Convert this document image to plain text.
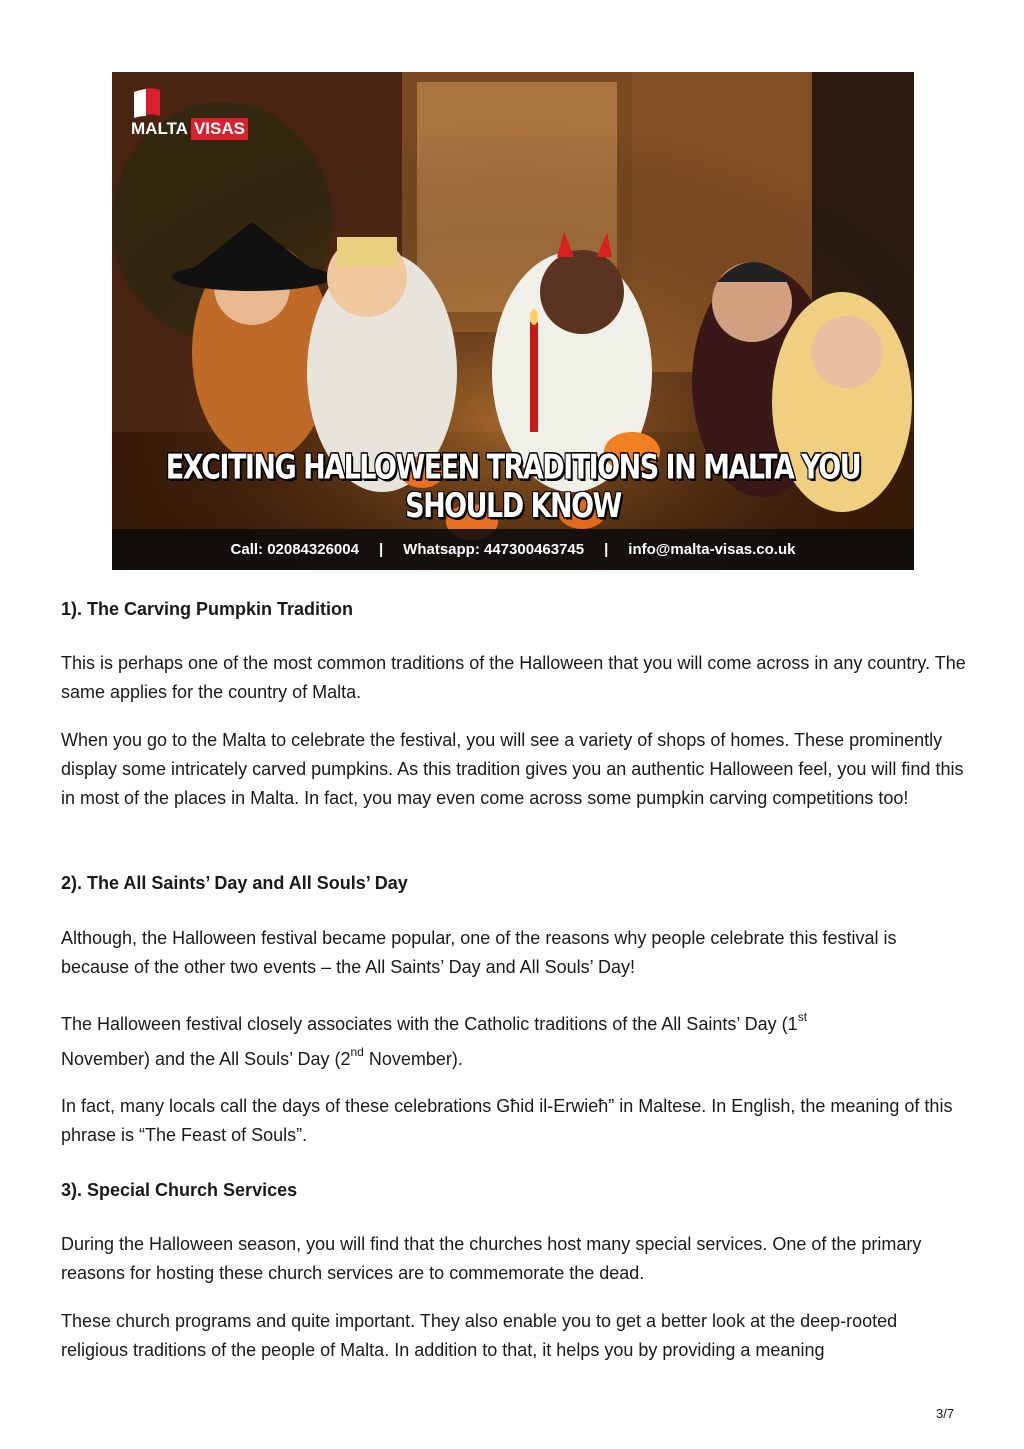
MALTA VISAS
EXCITING HALLOWEEN TRADITIONS IN MALTA YOU SHOULD KNOW
Call: 02084326004 | Whatsapp: 447300463745 | info@malta-visas.co.uk
1). The Carving Pumpkin Tradition

This is perhaps one of the most common traditions of the Halloween that you will come across in any country. The same applies for the country of Malta.

When you go to the Malta to celebrate the festival, you will see a variety of shops of homes. These prominently display some intricately carved pumpkins. As this tradition gives you an authentic Halloween feel, you will find this in most of the places in Malta. In fact, you may even come across some pumpkin carving competitions too!

2). The All Saints’ Day and All Souls’ Day

Although, the Halloween festival became popular, one of the reasons why people celebrate this festival is because of the other two events – the All Saints’ Day and All Souls’ Day!

The Halloween festival closely associates with the Catholic traditions of the All Saints’ Day (1st
November) and the All Souls’ Day (2nd November).

In fact, many locals call the days of these celebrations Għid il-Erwieħ” in Maltese. In English, the meaning of this phrase is “The Feast of Souls”.

3). Special Church Services

During the Halloween season, you will find that the churches host many special services. One of the primary reasons for hosting these church services are to commemorate the dead.

These church programs and quite important. They also enable you to get a better look at the deep-rooted religious traditions of the people of Malta. In addition to that, it helps you by providing a meaning

3/7
